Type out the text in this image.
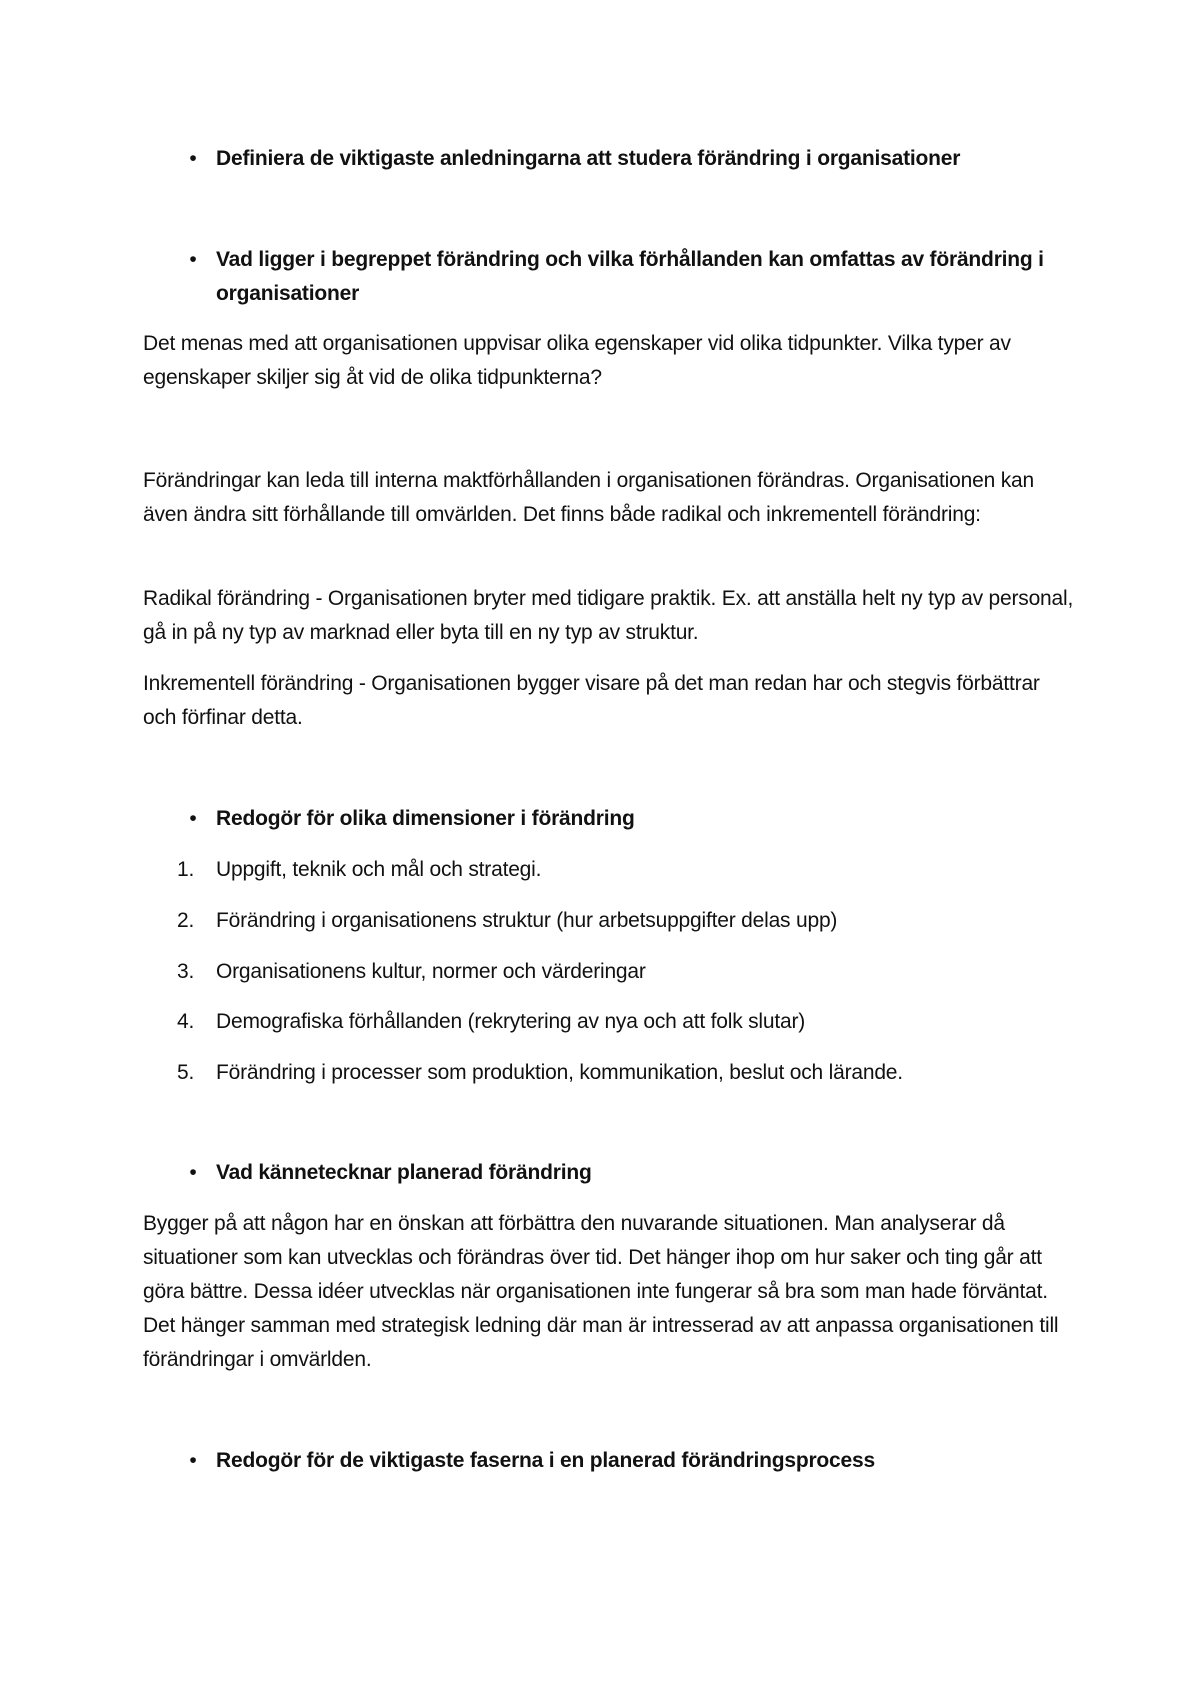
• Definiera de viktigaste anledningarna att studera förändring i organisationer
• Vad ligger i begreppet förändring och vilka förhållanden kan omfattas av förändring i organisationer

Det menas med att organisationen uppvisar olika egenskaper vid olika tidpunkter. Vilka typer av egenskaper skiljer sig åt vid de olika tidpunkterna?

Förändringar kan leda till interna maktförhållanden i organisationen förändras. Organisationen kan även ändra sitt förhållande till omvärlden. Det finns både radikal och inkrementell förändring:

Radikal förändring - Organisationen bryter med tidigare praktik. Ex. att anställa helt ny typ av personal, gå in på ny typ av marknad eller byta till en ny typ av struktur.

Inkrementell förändring - Organisationen bygger visare på det man redan har och stegvis förbättrar och förfinar detta.

• Redogör för olika dimensioner i förändring
1.	Uppgift, teknik och mål och strategi.
2.	Förändring i organisationens struktur (hur arbetsuppgifter delas upp)
3.	Organisationens kultur, normer och värderingar
4.	Demografiska förhållanden (rekrytering av nya och att folk slutar)
5.	Förändring i processer som produktion, kommunikation, beslut och lärande.
• Vad kännetecknar planerad förändring

Bygger på att någon har en önskan att förbättra den nuvarande situationen. Man analyserar då situationer som kan utvecklas och förändras över tid. Det hänger ihop om hur saker och ting går att göra bättre. Dessa idéer utvecklas när organisationen inte fungerar så bra som man hade förväntat. Det hänger samman med strategisk ledning där man är intresserad av att anpassa organisationen till förändringar i omvärlden.

• Redogör för de viktigaste faserna i en planerad förändringsprocess
